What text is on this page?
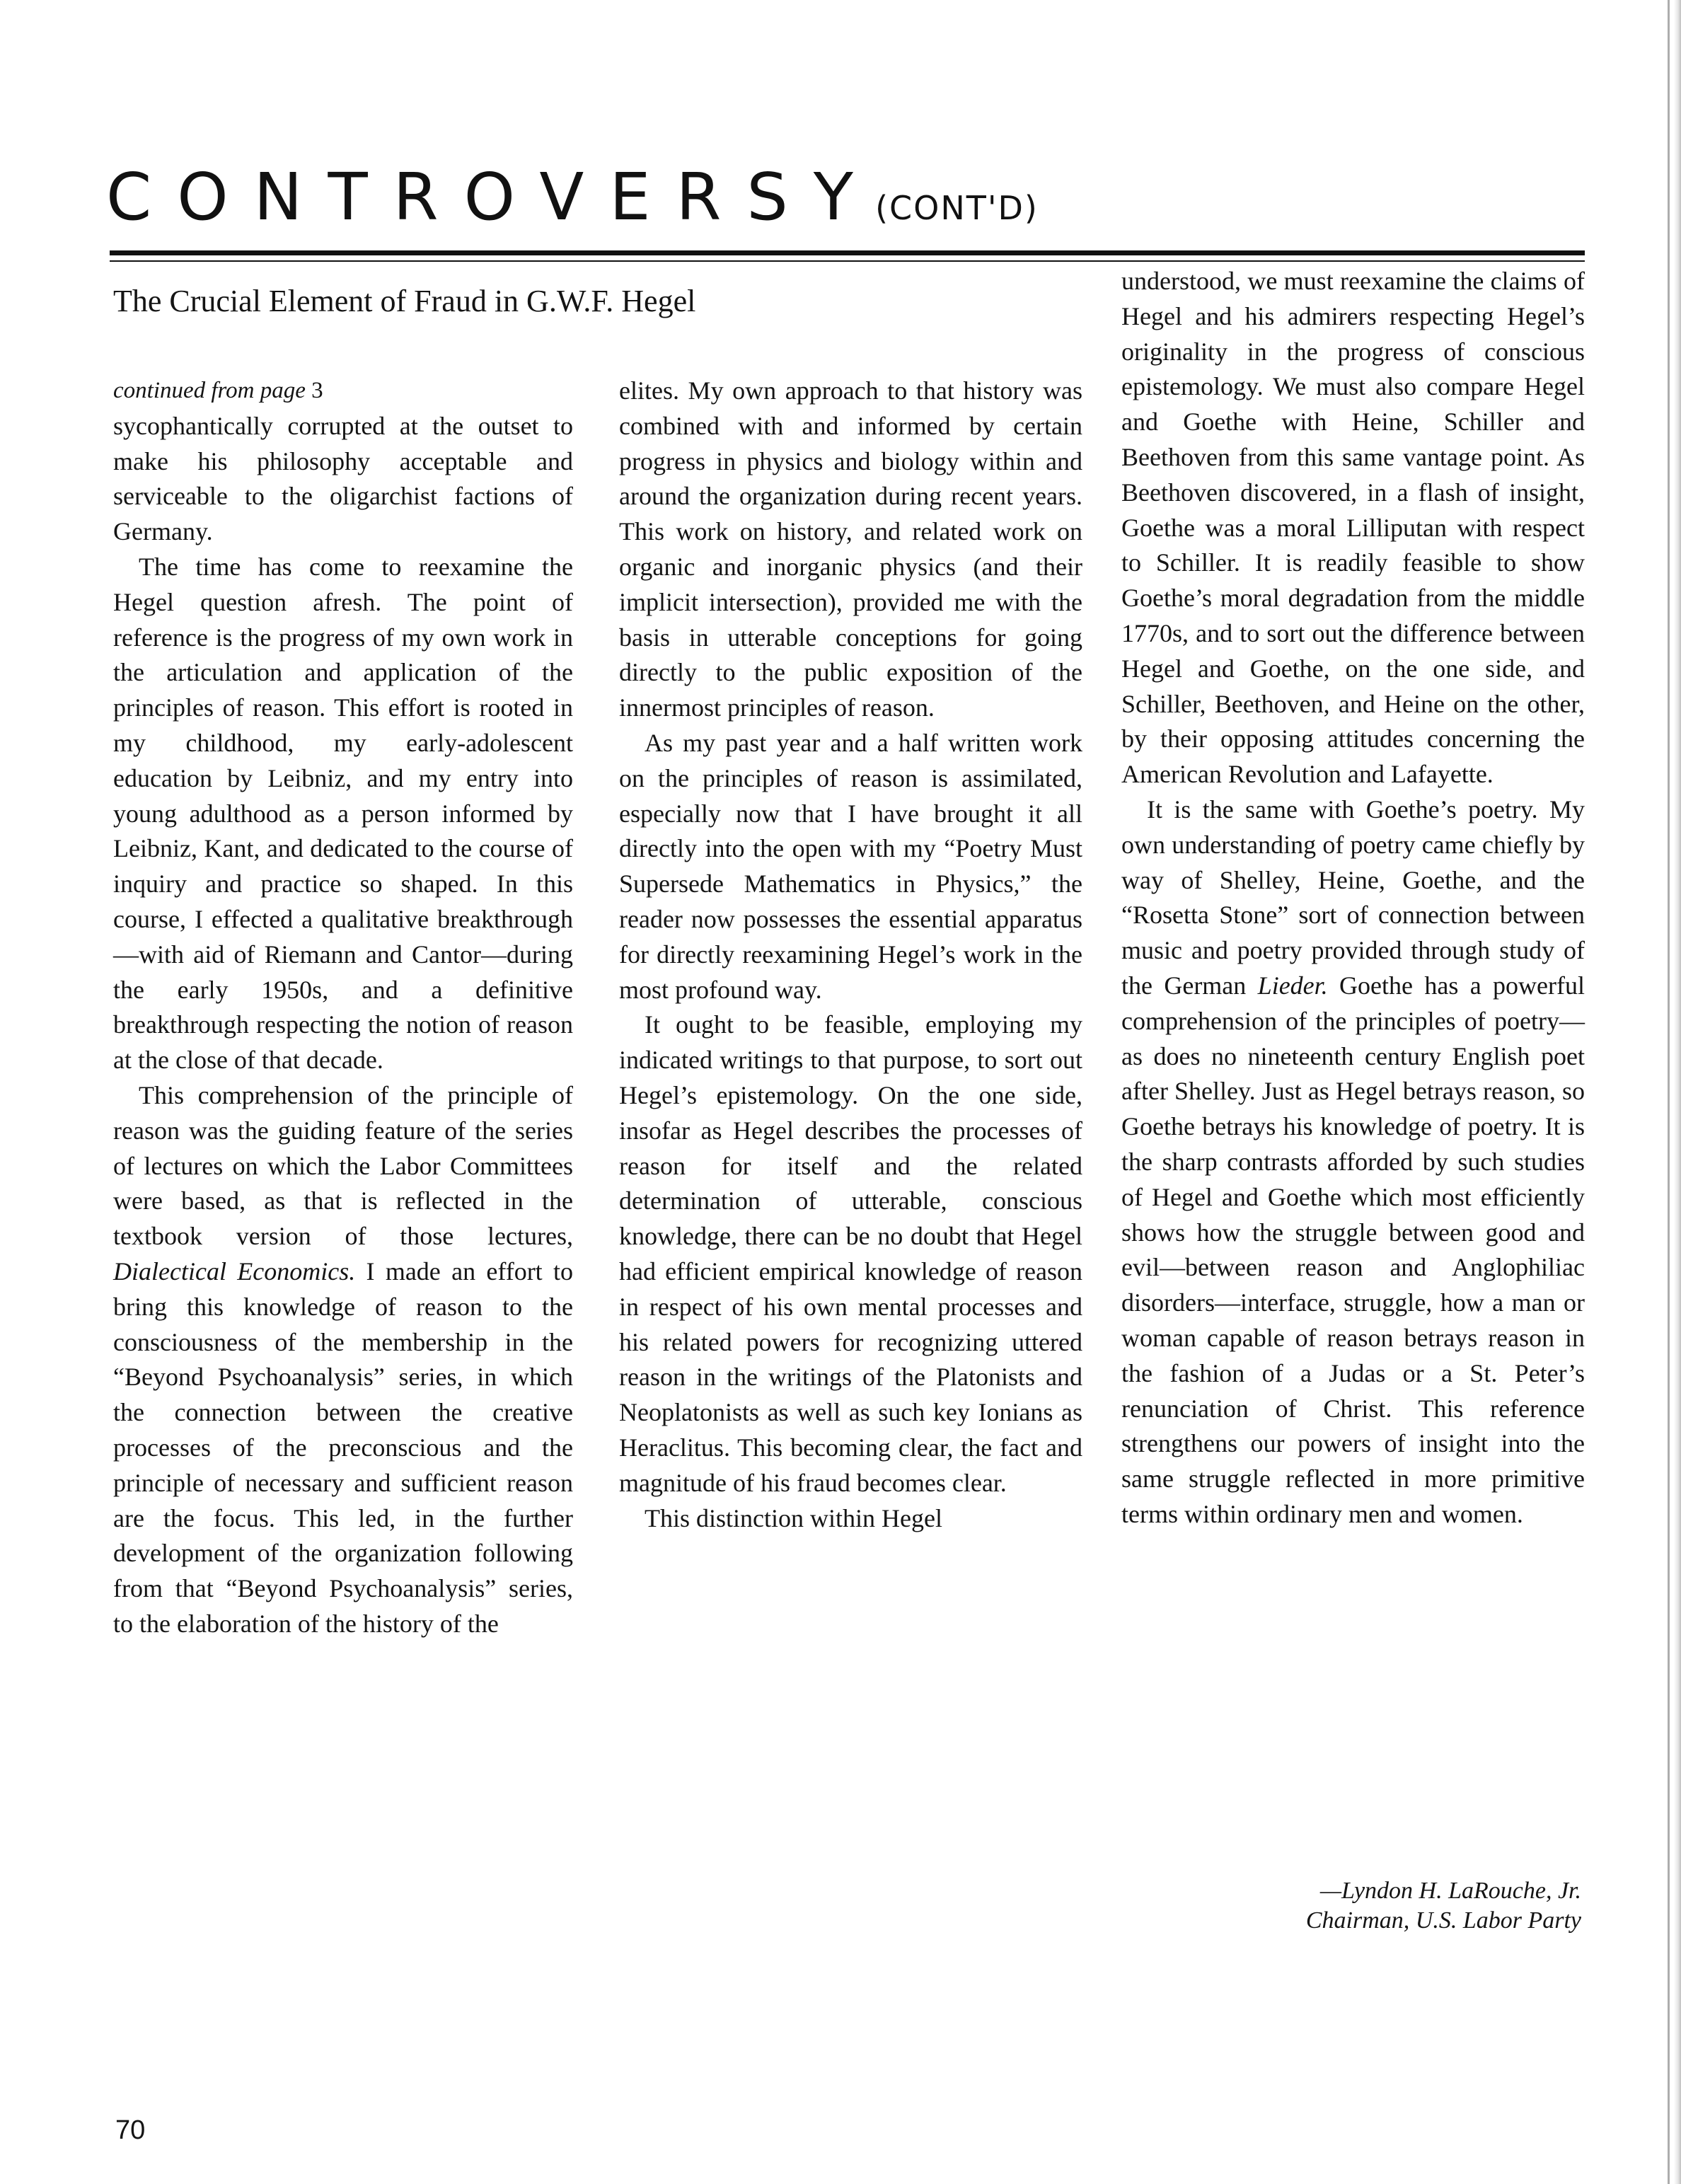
CONTROVERSY (CONT'D)
The Crucial Element of Fraud in G.W.F. Hegel
continued from page 3

sycophantically corrupted at the outset to make his philosophy acceptable and serviceable to the oligarchist factions of Germany.

The time has come to reexamine the Hegel question afresh. The point of reference is the progress of my own work in the articulation and application of the principles of reason. This effort is rooted in my childhood, my early-adolescent education by Leibniz, and my entry into young adulthood as a person informed by Leibniz, Kant, and dedicated to the course of inquiry and practice so shaped. In this course, I effected a qualitative breakthrough—with aid of Riemann and Cantor—during the early 1950s, and a definitive breakthrough respecting the notion of reason at the close of that decade.

This comprehension of the principle of reason was the guiding feature of the series of lectures on which the Labor Committees were based, as that is reflected in the textbook version of those lectures, Dialectical Economics. I made an effort to bring this knowledge of reason to the consciousness of the membership in the “Beyond Psychoanalysis” series, in which the connection between the creative processes of the preconscious and the principle of necessary and sufficient reason are the focus. This led, in the further development of the organization following from that “Beyond Psychoanalysis” series, to the elaboration of the history of the

elites. My own approach to that history was combined with and informed by certain progress in physics and biology within and around the organization during recent years. This work on history, and related work on organic and inorganic physics (and their implicit intersection), provided me with the basis in utterable conceptions for going directly to the public exposition of the innermost principles of reason.

As my past year and a half written work on the principles of reason is assimilated, especially now that I have brought it all directly into the open with my “Poetry Must Supersede Mathematics in Physics,” the reader now possesses the essential apparatus for directly reexamining Hegel’s work in the most profound way.

It ought to be feasible, employing my indicated writings to that purpose, to sort out Hegel’s epistemology. On the one side, insofar as Hegel describes the processes of reason for itself and the related determination of utterable, conscious knowledge, there can be no doubt that Hegel had efficient empirical knowledge of reason in respect of his own mental processes and his related powers for recognizing uttered reason in the writings of the Platonists and Neoplatonists as well as such key Ionians as Heraclitus. This becoming clear, the fact and magnitude of his fraud becomes clear.

This distinction within Hegel

understood, we must reexamine the claims of Hegel and his admirers respecting Hegel’s originality in the progress of conscious epistemology. We must also compare Hegel and Goethe with Heine, Schiller and Beethoven from this same vantage point. As Beethoven discovered, in a flash of insight, Goethe was a moral Lilliputan with respect to Schiller. It is readily feasible to show Goethe’s moral degradation from the middle 1770s, and to sort out the difference between Hegel and Goethe, on the one side, and Schiller, Beethoven, and Heine on the other, by their opposing attitudes concerning the American Revolution and Lafayette.

It is the same with Goethe’s poetry. My own understanding of poetry came chiefly by way of Shelley, Heine, Goethe, and the “Rosetta Stone” sort of connection between music and poetry provided through study of the German Lieder. Goethe has a powerful comprehension of the principles of poetry—as does no nineteenth century English poet after Shelley. Just as Hegel betrays reason, so Goethe betrays his knowledge of poetry. It is the sharp contrasts afforded by such studies of Hegel and Goethe which most efficiently shows how the struggle between good and evil—between reason and Anglophiliac disorders—interface, struggle, how a man or woman capable of reason betrays reason in the fashion of a Judas or a St. Peter’s renunciation of Christ. This reference strengthens our powers of insight into the same struggle reflected in more primitive terms within ordinary men and women.

—Lyndon H. LaRouche, Jr.
Chairman, U.S. Labor Party
70
